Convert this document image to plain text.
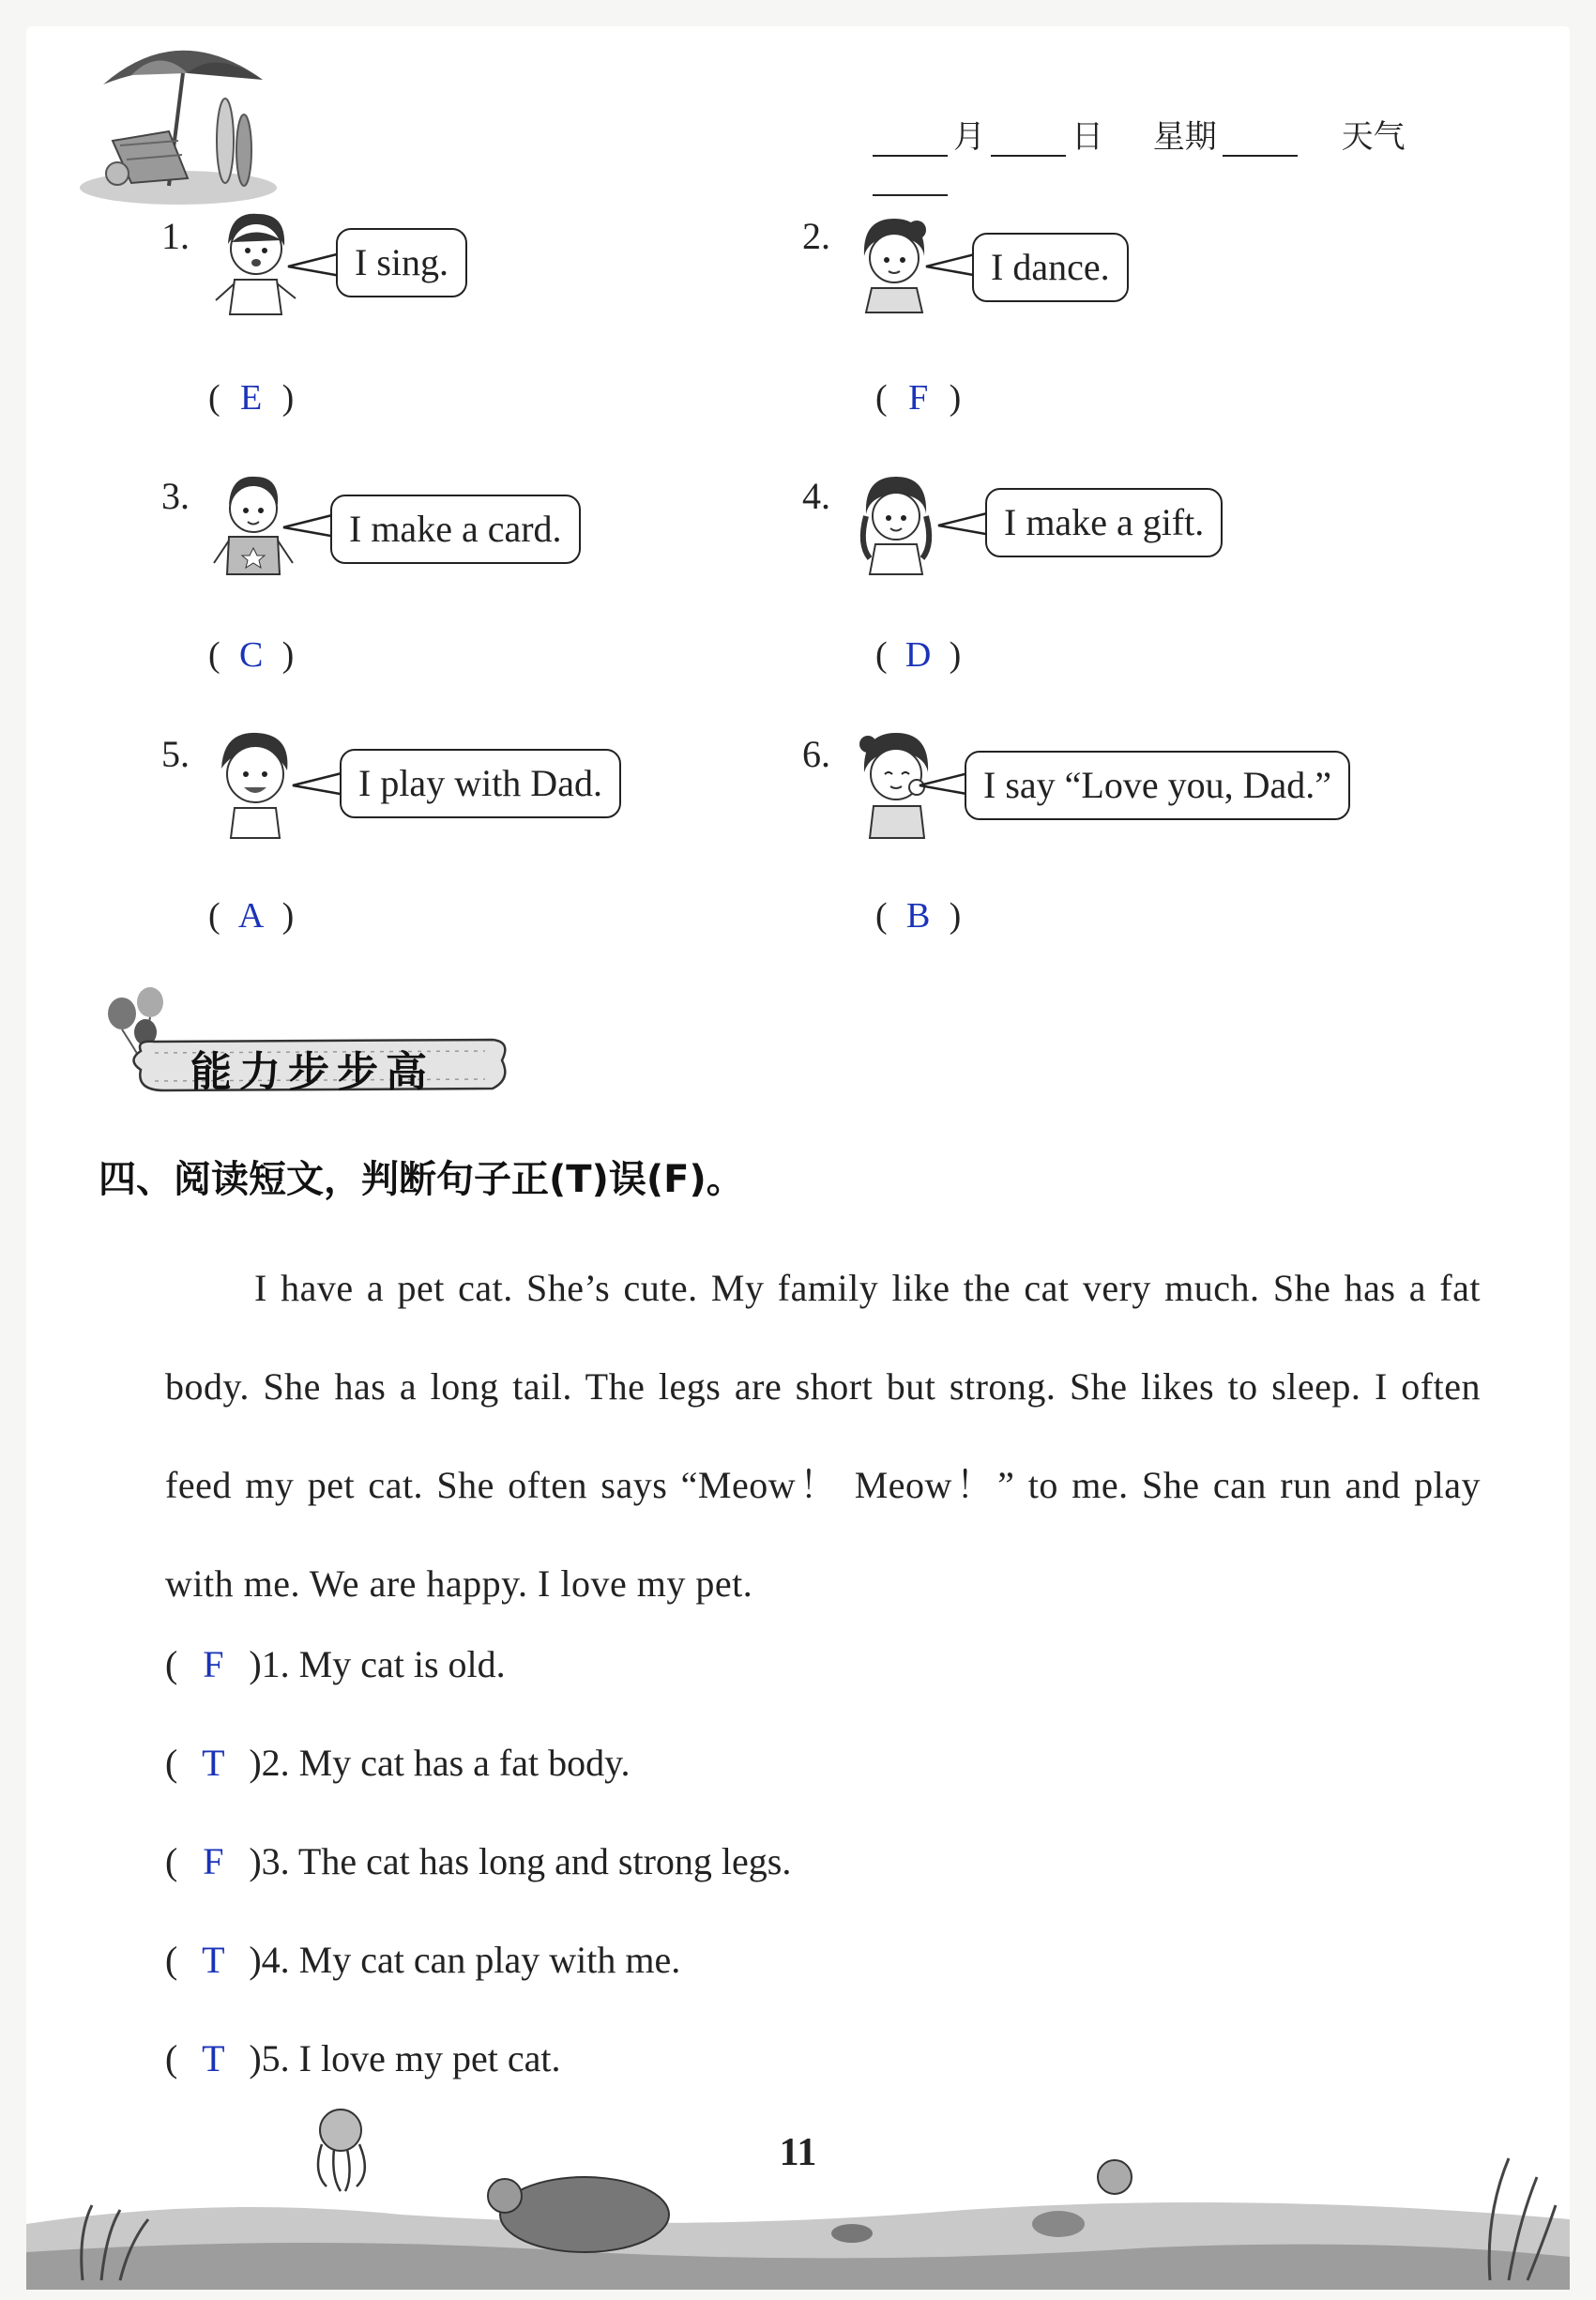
月	日 星期	天气
1.
I sing.
( E )
2.
I dance.
( F )
3.
I make a card.
( C )
4.
I make a gift.
( D )
5.
I play with Dad.
( A )
6.
I say “Love you, Dad.”
( B )
能力步步高
四、阅读短文，判断句子正(T)误(F)。
I have a pet cat. She’s cute. My family like the cat very much. She has a fat body. She has a long tail. The legs are short but strong. She likes to sleep. I often feed my pet cat. She often says “Meow！ Meow！” to me. She can run and play with me. We are happy. I love my pet.
( F )1. My cat is old.
( T )2. My cat has a fat body.
( F )3. The cat has long and strong legs.
( T )4. My cat can play with me.
( T )5. I love my pet cat.
11
